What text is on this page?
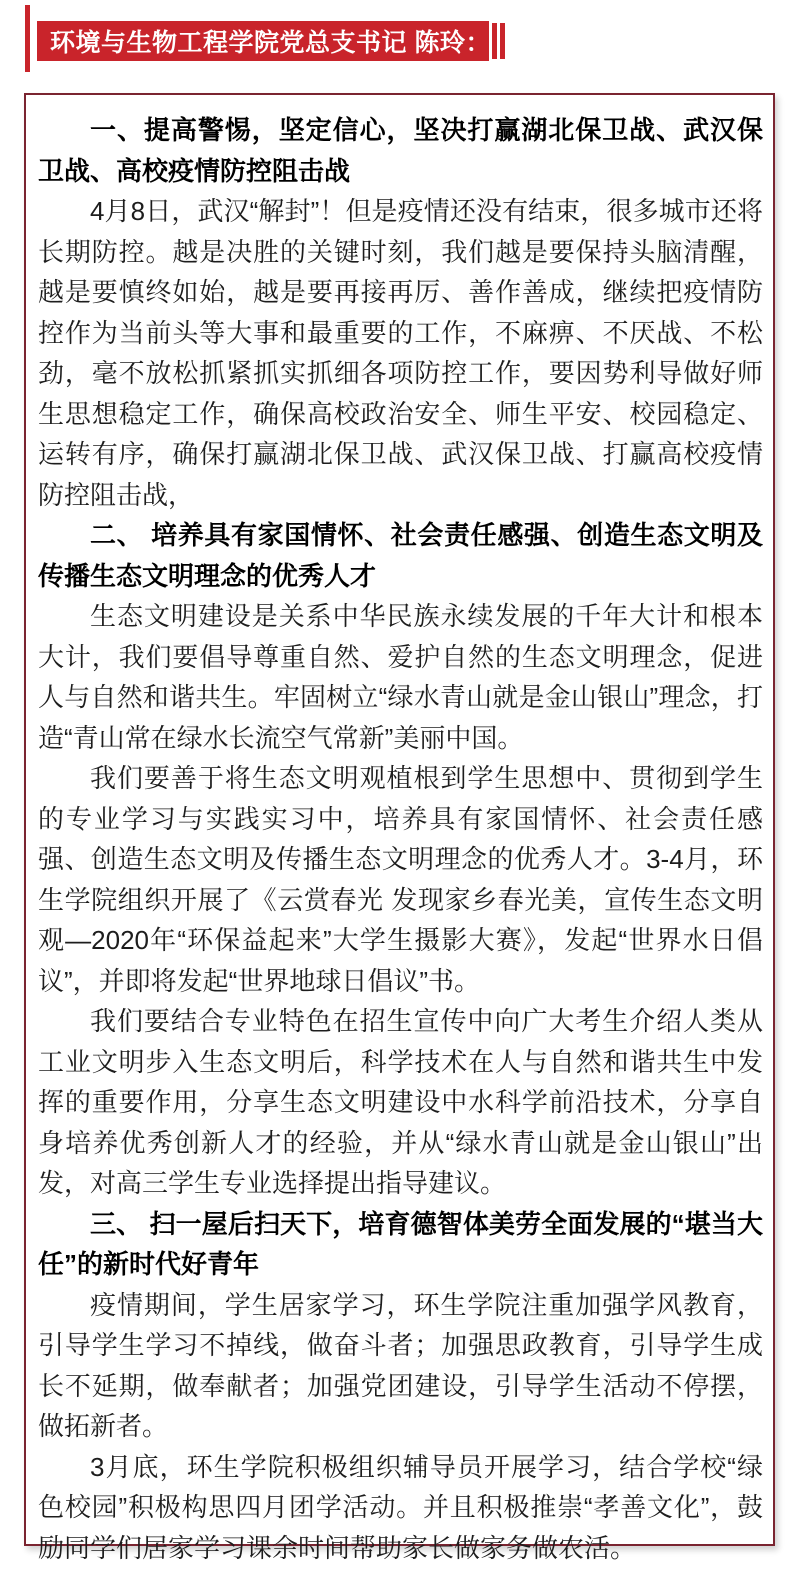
环境与生物工程学院党总支书记 陈玲：
一、提高警惕，坚定信心，坚决打赢湖北保卫战、武汉保卫战、高校疫情防控阻击战
4月8日，武汉“解封”！但是疫情还没有结束，很多城市还将长期防控。越是决胜的关键时刻，我们越是要保持头脑清醒，越是要慎终如始，越是要再接再厉、善作善成，继续把疫情防控作为当前头等大事和最重要的工作，不麻痹、不厌战、不松劲，毫不放松抓紧抓实抓细各项防控工作，要因势利导做好师生思想稳定工作，确保高校政治安全、师生平安、校园稳定、运转有序，确保打赢湖北保卫战、武汉保卫战、打赢高校疫情防控阻击战，
二、 培养具有家国情怀、社会责任感强、创造生态文明及传播生态文明理念的优秀人才
生态文明建设是关系中华民族永续发展的千年大计和根本大计，我们要倡导尊重自然、爱护自然的生态文明理念，促进人与自然和谐共生。牢固树立“绿水青山就是金山银山”理念，打造“青山常在绿水长流空气常新”美丽中国。
我们要善于将生态文明观植根到学生思想中、贯彻到学生的专业学习与实践实习中，培养具有家国情怀、社会责任感强、创造生态文明及传播生态文明理念的优秀人才。3-4月，环生学院组织开展了《云赏春光 发现家乡春光美，宣传生态文明观—2020年“环保益起来”大学生摄影大赛》，发起“世界水日倡议”，并即将发起“世界地球日倡议”书。
我们要结合专业特色在招生宣传中向广大考生介绍人类从工业文明步入生态文明后，科学技术在人与自然和谐共生中发挥的重要作用，分享生态文明建设中水科学前沿技术，分享自身培养优秀创新人才的经验，并从“绿水青山就是金山银山”出发，对高三学生专业选择提出指导建议。
三、 扫一屋后扫天下，培育德智体美劳全面发展的“堪当大任”的新时代好青年
疫情期间，学生居家学习，环生学院注重加强学风教育，引导学生学习不掉线，做奋斗者；加强思政教育，引导学生成长不延期，做奉献者；加强党团建设，引导学生活动不停摆，做拓新者。
3月底，环生学院积极组织辅导员开展学习，结合学校“绿色校园”积极构思四月团学活动。并且积极推崇“孝善文化”，鼓励同学们居家学习课余时间帮助家长做家务做农活。
